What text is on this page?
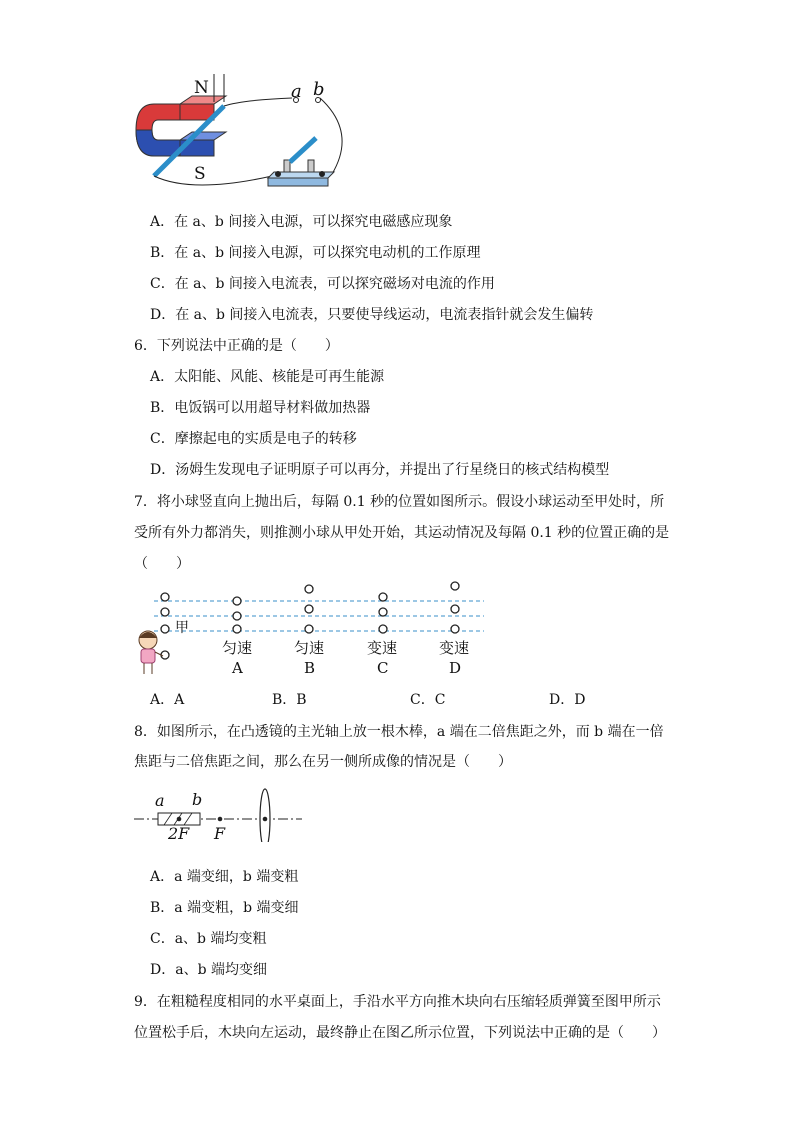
N
S
a b
A．在 a、b 间接入电源，可以探究电磁感应现象
B．在 a、b 间接入电源，可以探究电动机的工作原理
C．在 a、b 间接入电流表，可以探究磁场对电流的作用
D．在 a、b 间接入电流表，只要使导线运动，电流表指针就会发生偏转
6．下列说法中正确的是（　　）
A．太阳能、风能、核能是可再生能源
B．电饭锅可以用超导材料做加热器
C．摩擦起电的实质是电子的转移
D．汤姆生发现电子证明原子可以再分，并提出了行星绕日的核式结构模型
7．将小球竖直向上抛出后，每隔 0.1 秒的位置如图所示。假设小球运动至甲处时，所
受所有外力都消失，则推测小球从甲处开始，其运动情况及每隔 0.1 秒的位置正确的是
（　　）
甲
匀速
A
匀速
B
变速
C
变速
D
A．A	B．B	C．C	D．D
8．如图所示，在凸透镜的主光轴上放一根木棒，a 端在二倍焦距之外，而 b 端在一倍
焦距与二倍焦距之间，那么在另一侧所成像的情况是（　　）
a b
2F F
A．a 端变细，b 端变粗
B．a 端变粗，b 端变细
C．a、b 端均变粗
D．a、b 端均变细
9．在粗糙程度相同的水平桌面上，手沿水平方向推木块向右压缩轻质弹簧至图甲所示
位置松手后，木块向左运动，最终静止在图乙所示位置，下列说法中正确的是（　　）
